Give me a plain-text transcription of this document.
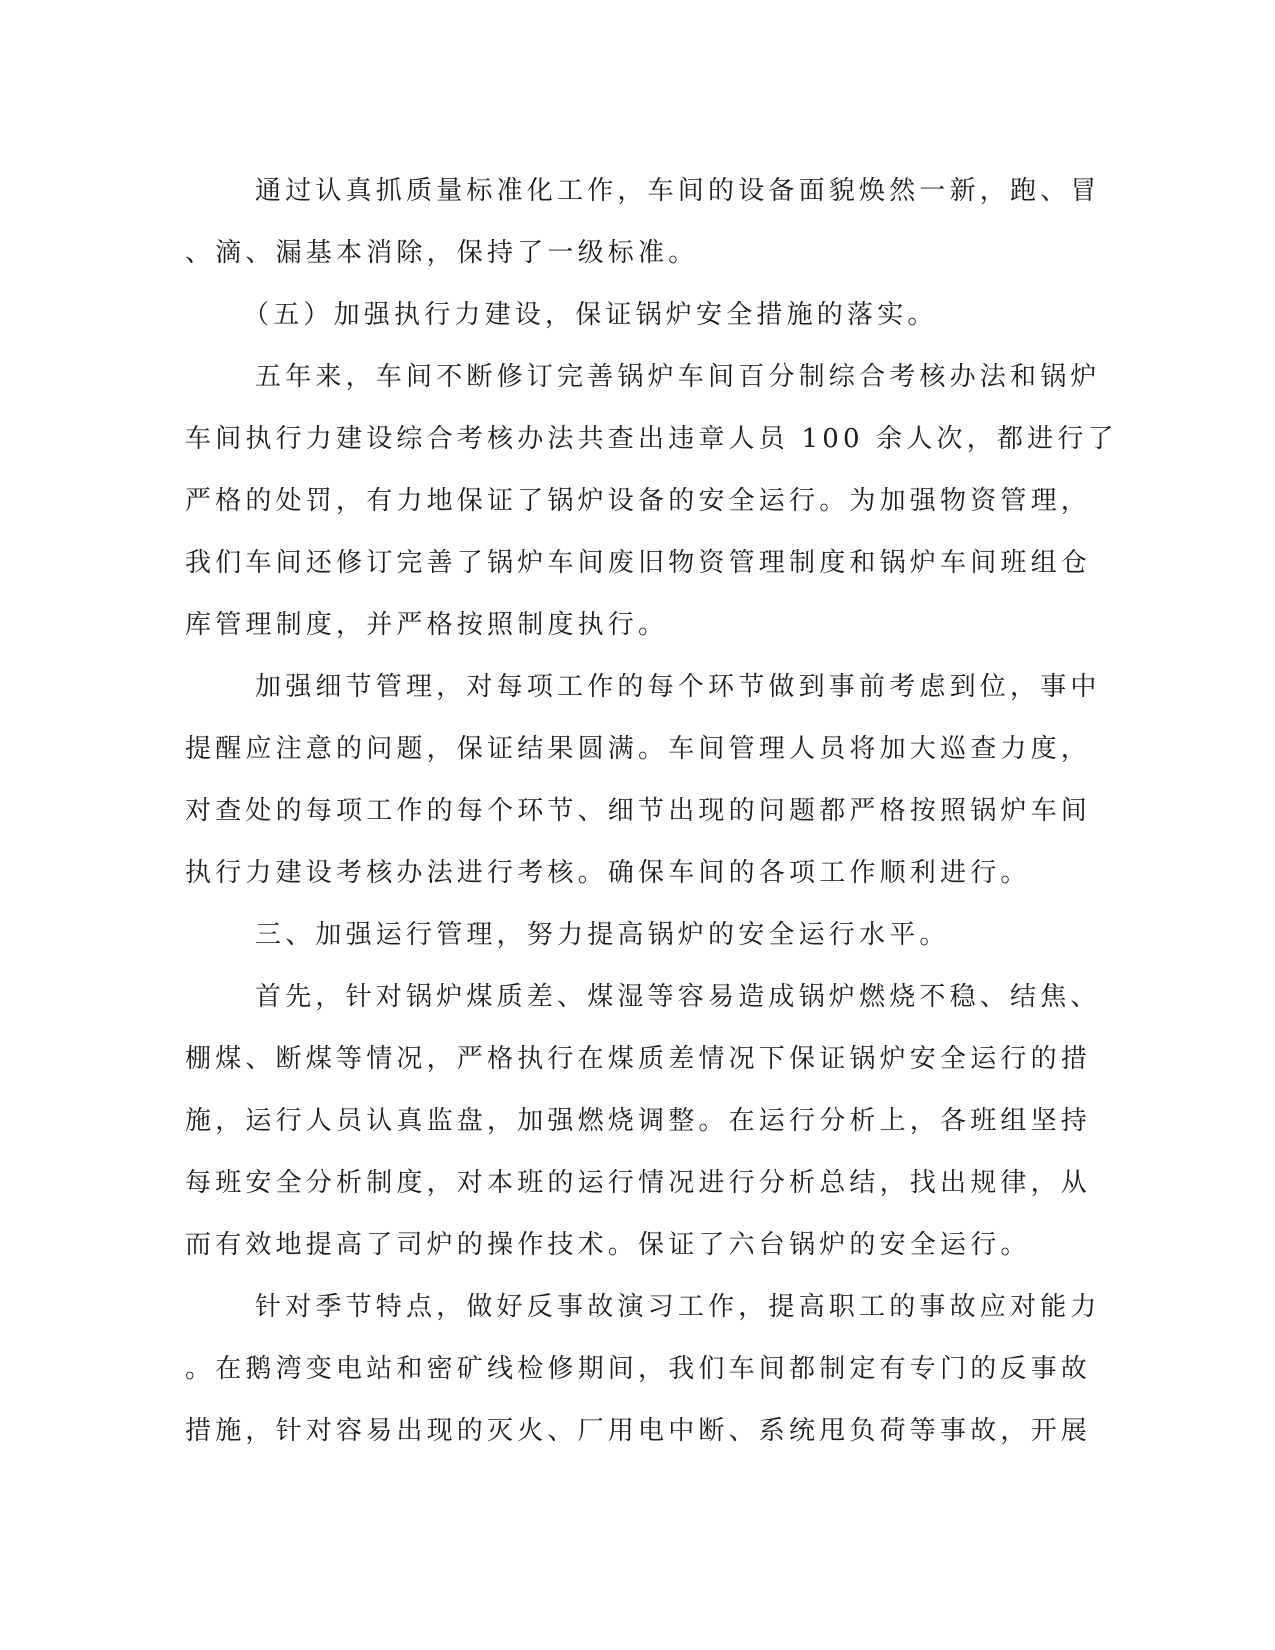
通过认真抓质量标准化工作，车间的设备面貌焕然一新，跑、冒
、滴、漏基本消除，保持了一级标准。
（五）加强执行力建设，保证锅炉安全措施的落实。
五年来，车间不断修订完善锅炉车间百分制综合考核办法和锅炉
车间执行力建设综合考核办法共查出违章人员 100 余人次，都进行了
严格的处罚，有力地保证了锅炉设备的安全运行。为加强物资管理，
我们车间还修订完善了锅炉车间废旧物资管理制度和锅炉车间班组仓
库管理制度，并严格按照制度执行。
加强细节管理，对每项工作的每个环节做到事前考虑到位，事中
提醒应注意的问题，保证结果圆满。车间管理人员将加大巡查力度，
对查处的每项工作的每个环节、细节出现的问题都严格按照锅炉车间
执行力建设考核办法进行考核。确保车间的各项工作顺利进行。
三、加强运行管理，努力提高锅炉的安全运行水平。
首先，针对锅炉煤质差、煤湿等容易造成锅炉燃烧不稳、结焦、
棚煤、断煤等情况，严格执行在煤质差情况下保证锅炉安全运行的措
施，运行人员认真监盘，加强燃烧调整。在运行分析上，各班组坚持
每班安全分析制度，对本班的运行情况进行分析总结，找出规律，从
而有效地提高了司炉的操作技术。保证了六台锅炉的安全运行。
针对季节特点，做好反事故演习工作，提高职工的事故应对能力
。在鹅湾变电站和密矿线检修期间，我们车间都制定有专门的反事故
措施，针对容易出现的灭火、厂用电中断、系统甩负荷等事故，开展
